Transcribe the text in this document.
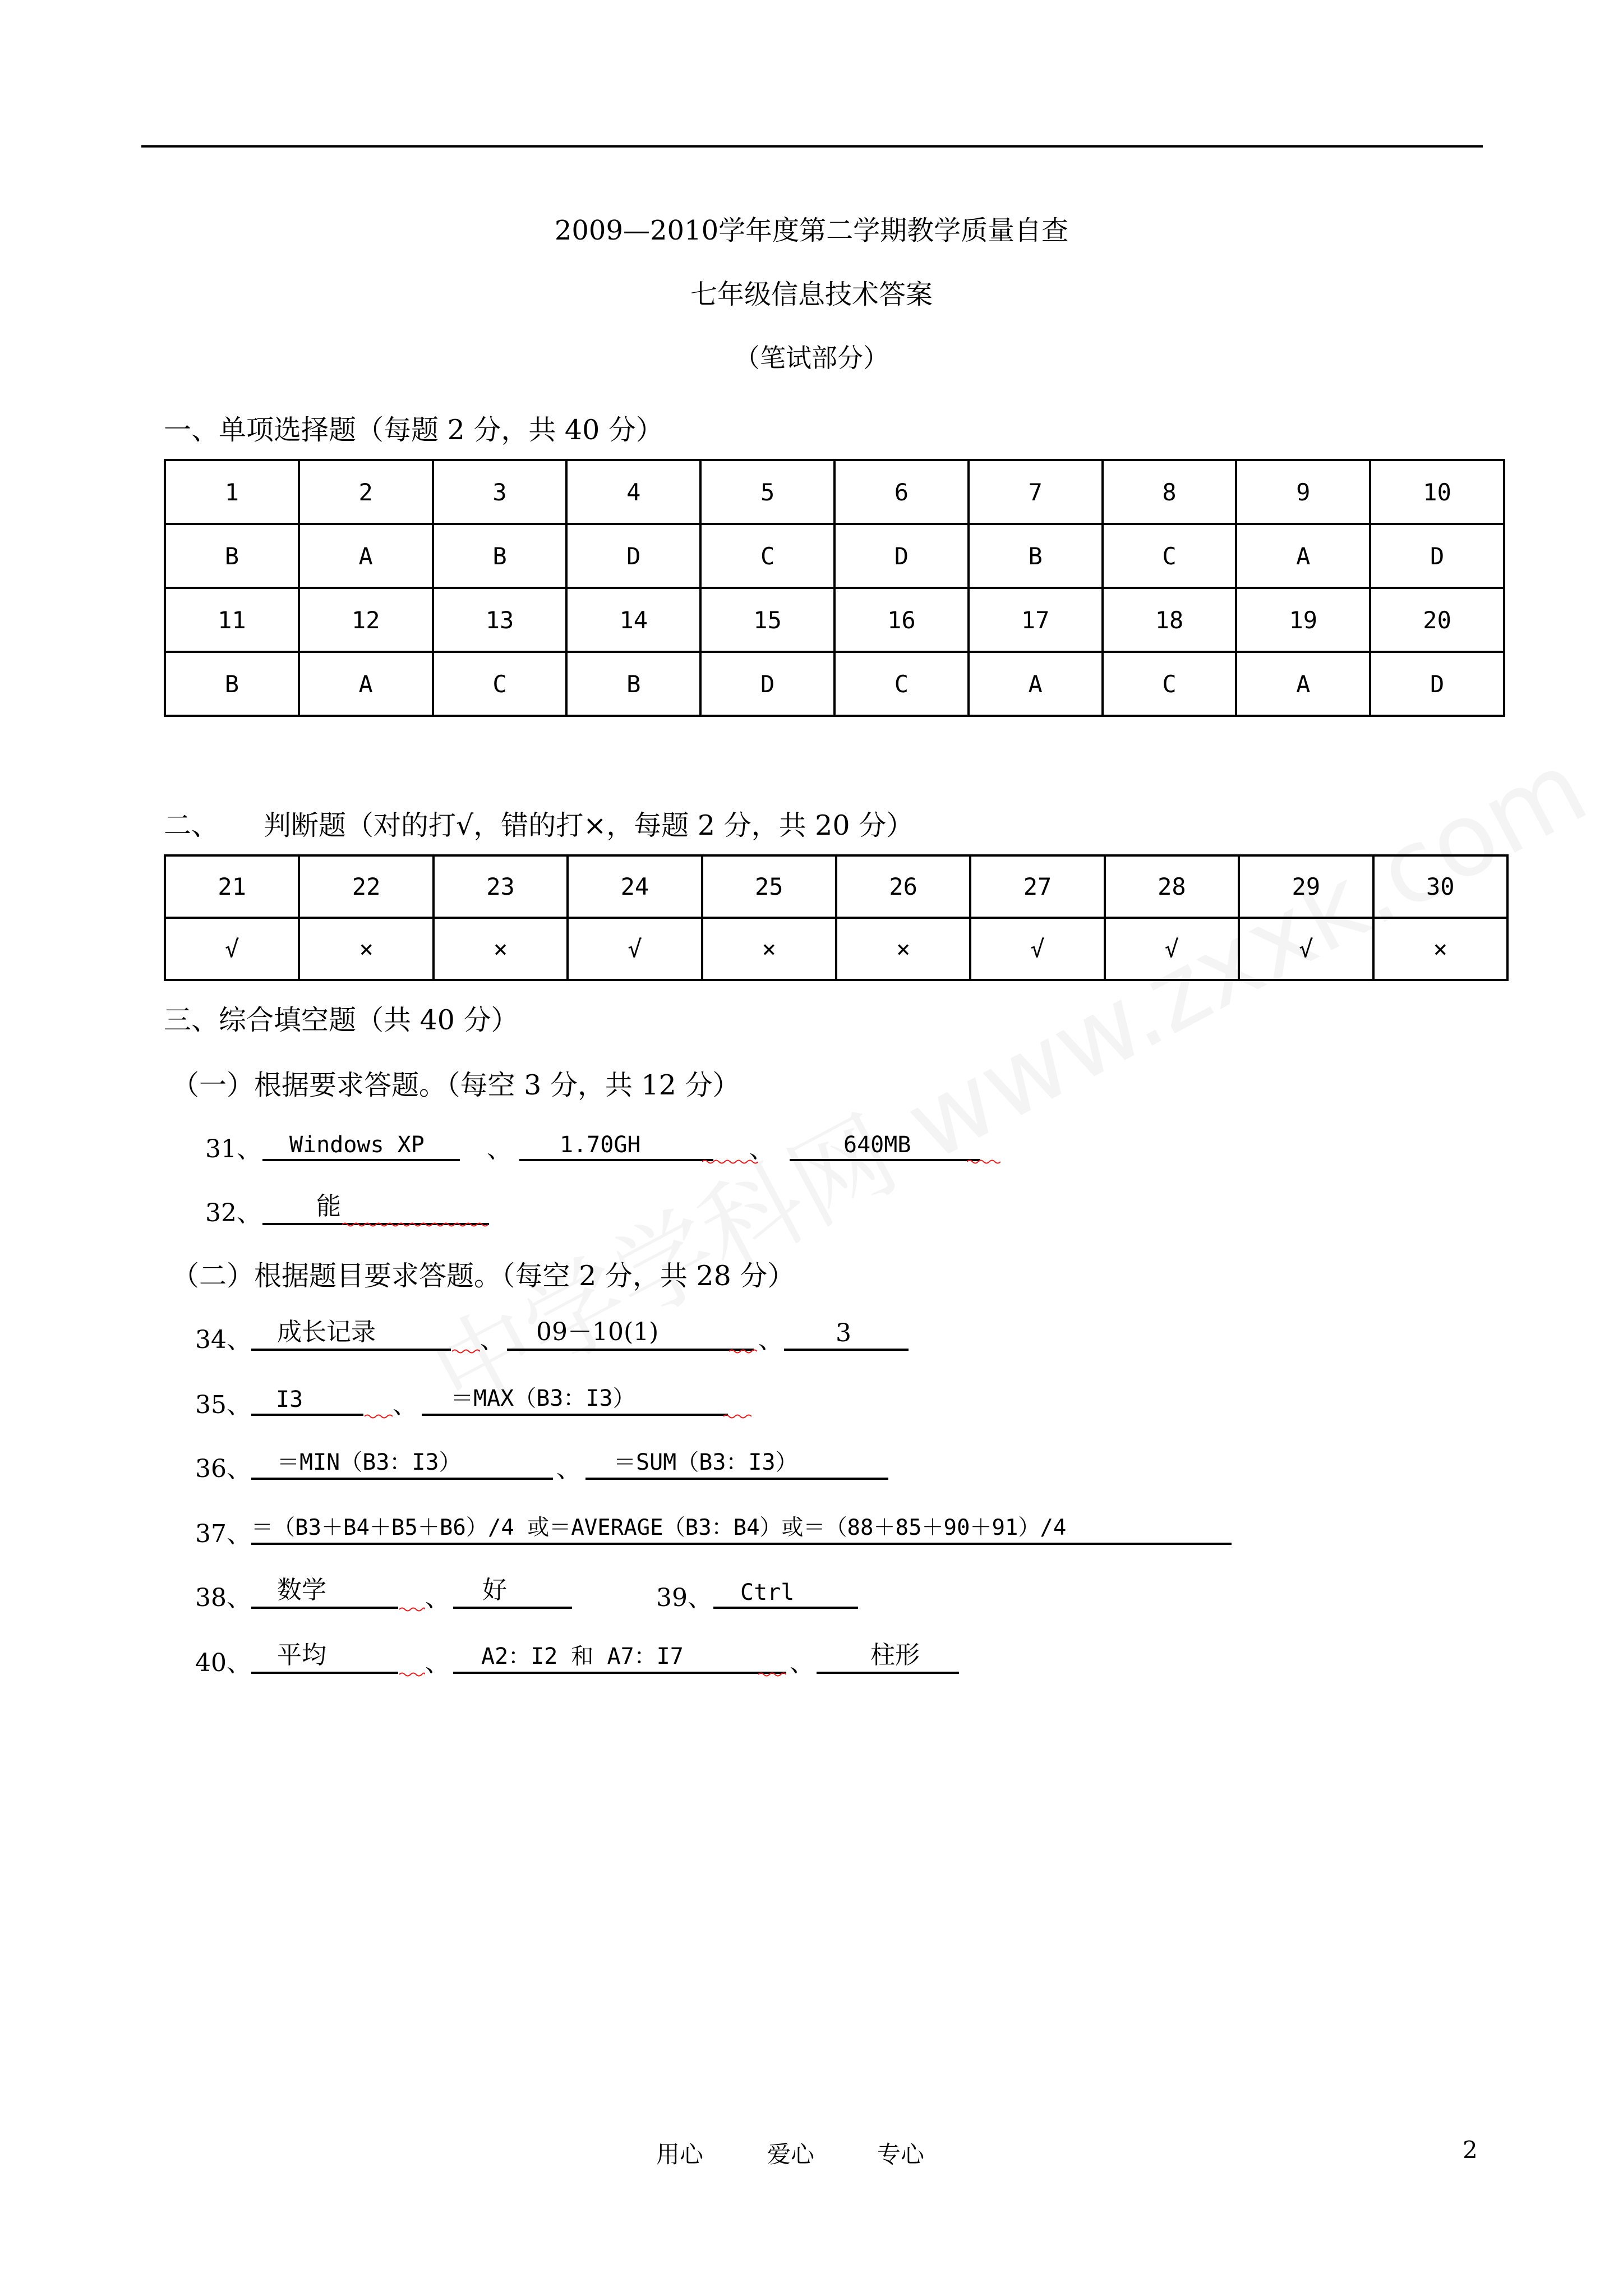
2009—2010学年度第二学期教学质量自查
七年级信息技术答案
（笔试部分）
一、单项选择题（每题 2 分，共 40 分）
1	2	3	4	5	6	7	8	9	10
B	A	B	D	C	D	B	C	A	D
11	12	13	14	15	16	17	18	19	20
B	A	C	B	D	C	A	C	A	D
二、 判断题（对的打√，错的打×，每题 2 分，共 20 分）
21	22	23	24	25	26	27	28	29	30
√	×	×	√	×	×	√	√	√	×
三、综合填空题（共 40 分）
（一）根据要求答题。（每空 3 分，共 12 分）
31、 Windows XP	、 1.70GH	、	640MB
32、 能
（二）根据题目要求答题。（每空 2 分，共 28 分）
34、 成长记录	、 09－10(1)	、 3
35、 I3	、 ＝MAX（B3：I3）
36、 ＝MIN（B3：I3）	、 ＝SUM（B3：I3）
37、 ＝（B3＋B4＋B5＋B6）/4 或＝AVERAGE（B3：B4）或＝（88＋85＋90＋91）/4
38、 数学	、 好	39、 Ctrl
40、 平均	、 A2：I2 和 A7：I7	、 柱形
用心	爱心	专心	2
